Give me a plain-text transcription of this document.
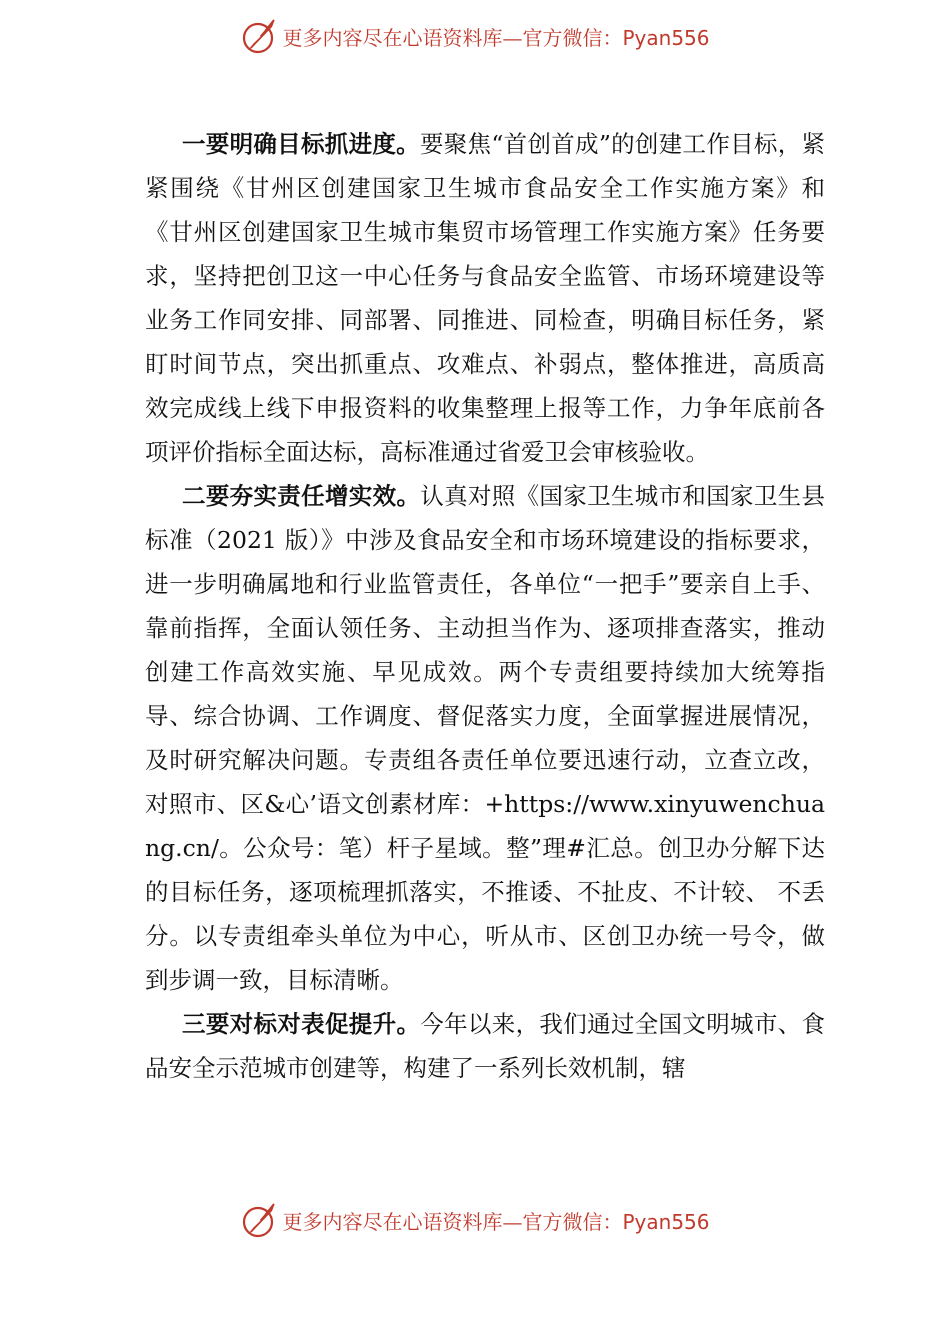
更多内容尽在心语资料库—官方微信：Pyan556

一要明确目标抓进度。要聚焦“首创首成”的创建工作目标，紧紧围绕《甘州区创建国家卫生城市食品安全工作实施方案》和《甘州区创建国家卫生城市集贸市场管理工作实施方案》任务要求，坚持把创卫这一中心任务与食品安全监管、市场环境建设等业务工作同安排、同部署、同推进、同检查，明确目标任务，紧盯时间节点，突出抓重点、攻难点、补弱点，整体推进，高质高效完成线上线下申报资料的收集整理上报等工作，力争年底前各项评价指标全面达标，高标准通过省爱卫会审核验收。

二要夯实责任增实效。认真对照《国家卫生城市和国家卫生县标准（2021 版）》中涉及食品安全和市场环境建设的指标要求，进一步明确属地和行业监管责任，各单位“一把手”要亲自上手、靠前指挥，全面认领任务、主动担当作为、逐项排查落实，推动创建工作高效实施、早见成效。两个专责组要持续加大统筹指导、综合协调、工作调度、督促落实力度，全面掌握进展情况，及时研究解决问题。专责组各责任单位要迅速行动，立查立改，对照市、区&心’语文创素材库：+https://www.xinyuwenchuang.cn/。公众号：笔）杆子星域。整”理#汇总。创卫办分解下达的目标任务，逐项梳理抓落实，不推诿、不扯皮、不计较、 不丢分。以专责组牵头单位为中心，听从市、区创卫办统一号令，做到步调一致，目标清晰。

三要对标对表促提升。今年以来，我们通过全国文明城市、食品安全示范城市创建等，构建了一系列长效机制，辖

更多内容尽在心语资料库—官方微信：Pyan556
